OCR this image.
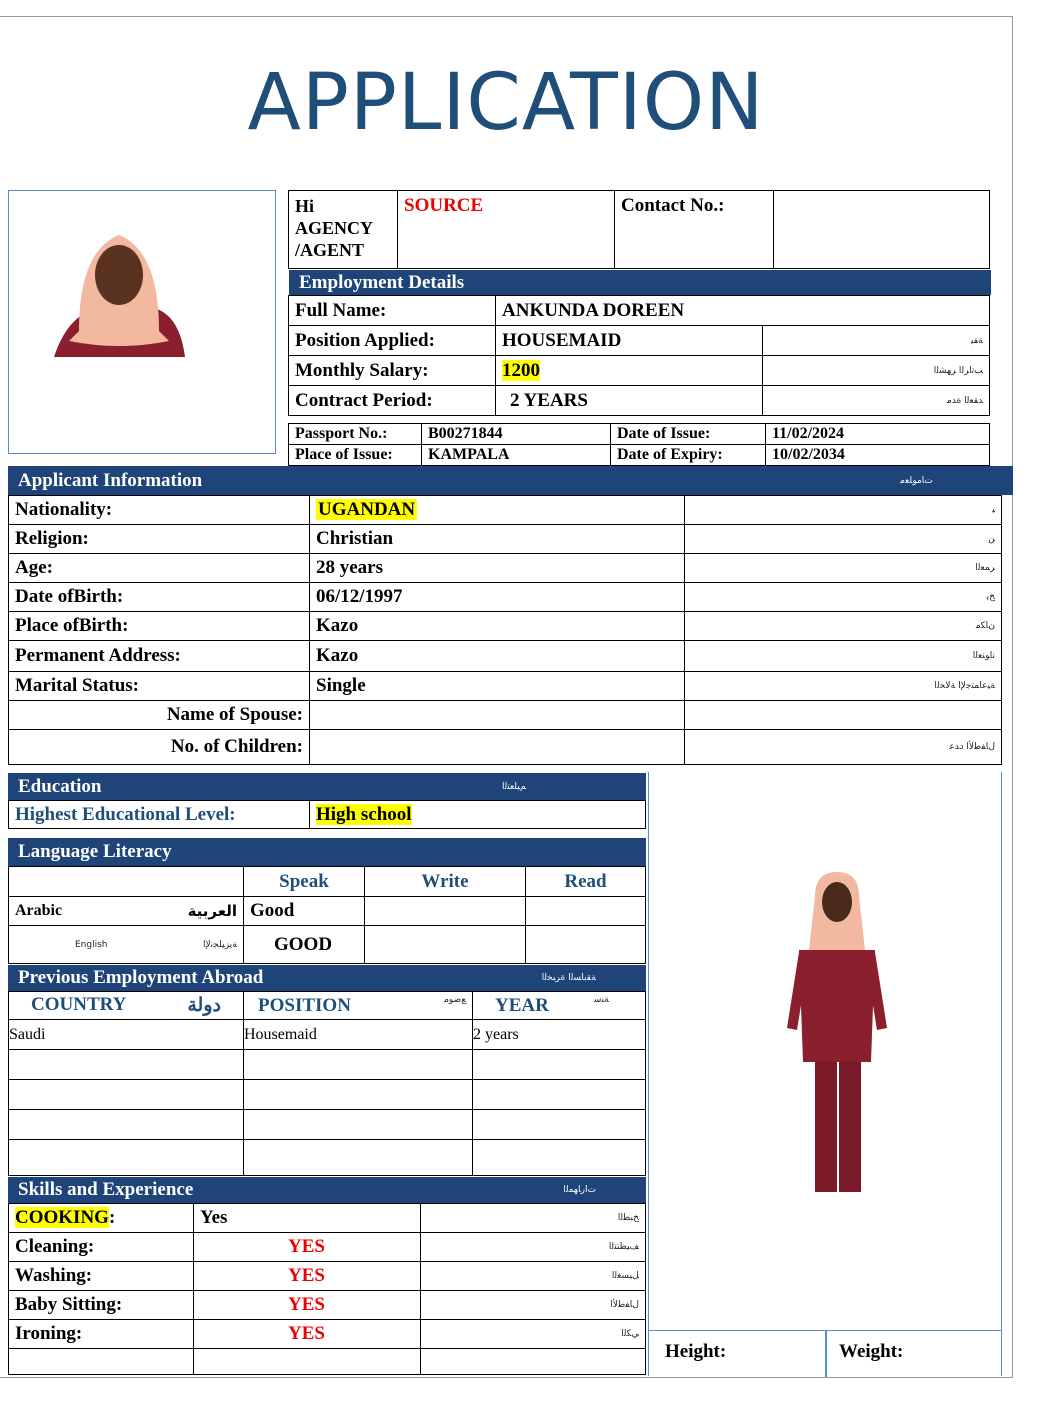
APPLICATION
Hi AGENCY /AGENT	SOURCE	Contact No.:	
Employment Details
Full Name:	ANKUNDA DOREEN	
Position Applied:	HOUSEMAID	ﺔﻔﻴ
Monthly Salary:	1200	ﺐﺗاﺮﻟا ﺮﻬﺸﻟا
Contract Period:	2 YEARS	ﺪﻘﻌﻟا ﺓﺪﻣ
Passport No.:	B00271844	Date of Issue:	11/02/2024
Place of Issue:	KAMPALA	Date of Expiry:	10/02/2034
Applicant Information	ﺕﺎﻣﻮﻠﻌﻣ
Nationality:	UGANDAN	ﻴ
Religion:	Christian	ﻦ
Age:	28 years	ﺮﻤﻌﻟا
Date ofBirth:	06/12/1997	ﺦﻳ
Place ofBirth:	Kazo	ﻥﺎﻜﻣ
Permanent Address:	Kazo	ناﻮﻨﻌﻟا
Marital Status:	Single	ﺔﻴﻋﺎﻤﺘﺟﻹا ﺔﻟﺎﺤﻟا
Name of Spouse:		
No. of Children:		ﻝﺎﻔﻃﻷا دﺪﻋ
Height:	Weight:
Education	ﻢﻴﻠﻌﺘﻟا
Highest Educational Level:	High school
Language Literacy
	Speak	Write	Read
Arabic العربية	Good		
English ﺔﻳﺰﻴﻠﺠﻧﻹا	GOOD		
Previous Employment Abroad	ﺔﻘﺑﺎﺴﻟا ﺓﺮﺒﺨﻟا
COUNTRY دولة	POSITION ﻊﺿﻮﻣ	YEAR ﺔﻨﺳ

Saudi	Housemaid	2 years

Skills and Experience	ﺕارﺎﻬﻤﻟا
COOKING:	Yes	ﺦﺒﻄﻟا
Cleaning:	YES	ﻒﻴﻈﻨﺘﻟا
Washing:	YES	ﻞﻴﺴﻐﻟا
Baby Sitting:	YES	ﻝﺎﻔﻃﻷا
Ironing:	YES	ﻲﻜﻟا
